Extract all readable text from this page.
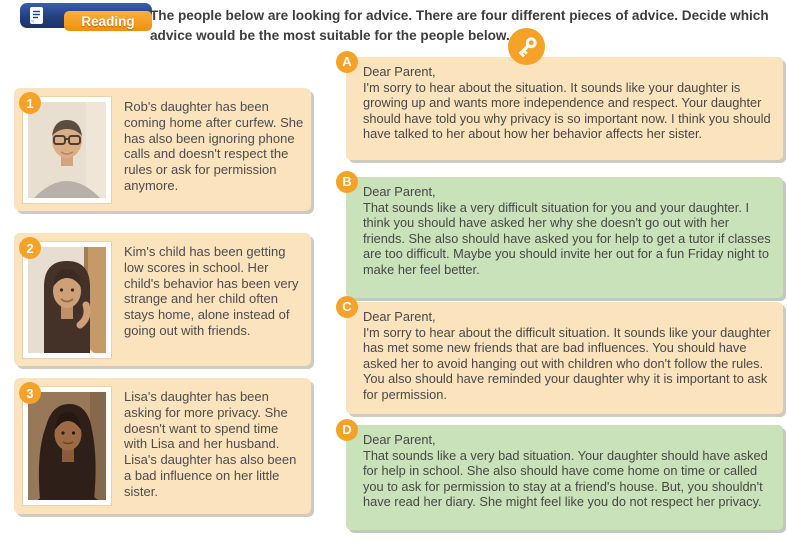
Reading	The people below are looking for advice. There are four different pieces of advice. Decide which advice would be the most suitable for the people below.
1	Rob's daughter has been coming home after curfew. She has also been ignoring phone calls and doesn't respect the rules or ask for permission anymore.
2	Kim's child has been getting low scores in school. Her child's behavior has been very strange and her child often stays home, alone instead of going out with friends.
3	Lisa's daughter has been asking for more privacy. She doesn't want to spend time with Lisa and her husband. Lisa's daughter has also been a bad influence on her little sister.
A
Dear Parent,
I'm sorry to hear about the situation. It sounds like your daughter is growing up and wants more independence and respect. Your daughter should have told you why privacy is so important now. I think you should have talked to her about how her behavior affects her sister.
B
Dear Parent,
That sounds like a very difficult situation for you and your daughter. I think you should have asked her why she doesn't go out with her friends. She also should have asked you for help to get a tutor if classes are too difficult. Maybe you should invite her out for a fun Friday night to make her feel better.
C
Dear Parent,
I'm sorry to hear about the difficult situation. It sounds like your daughter has met some new friends that are bad influences. You should have asked her to avoid hanging out with children who don't follow the rules. You also should have reminded your daughter why it is important to ask for permission.
D
Dear Parent,
That sounds like a very bad situation. Your daughter should have asked for help in school. She also should have come home on time or called you to ask for permission to stay at a friend's house. But, you shouldn't have read her diary. She might feel like you do not respect her privacy.
